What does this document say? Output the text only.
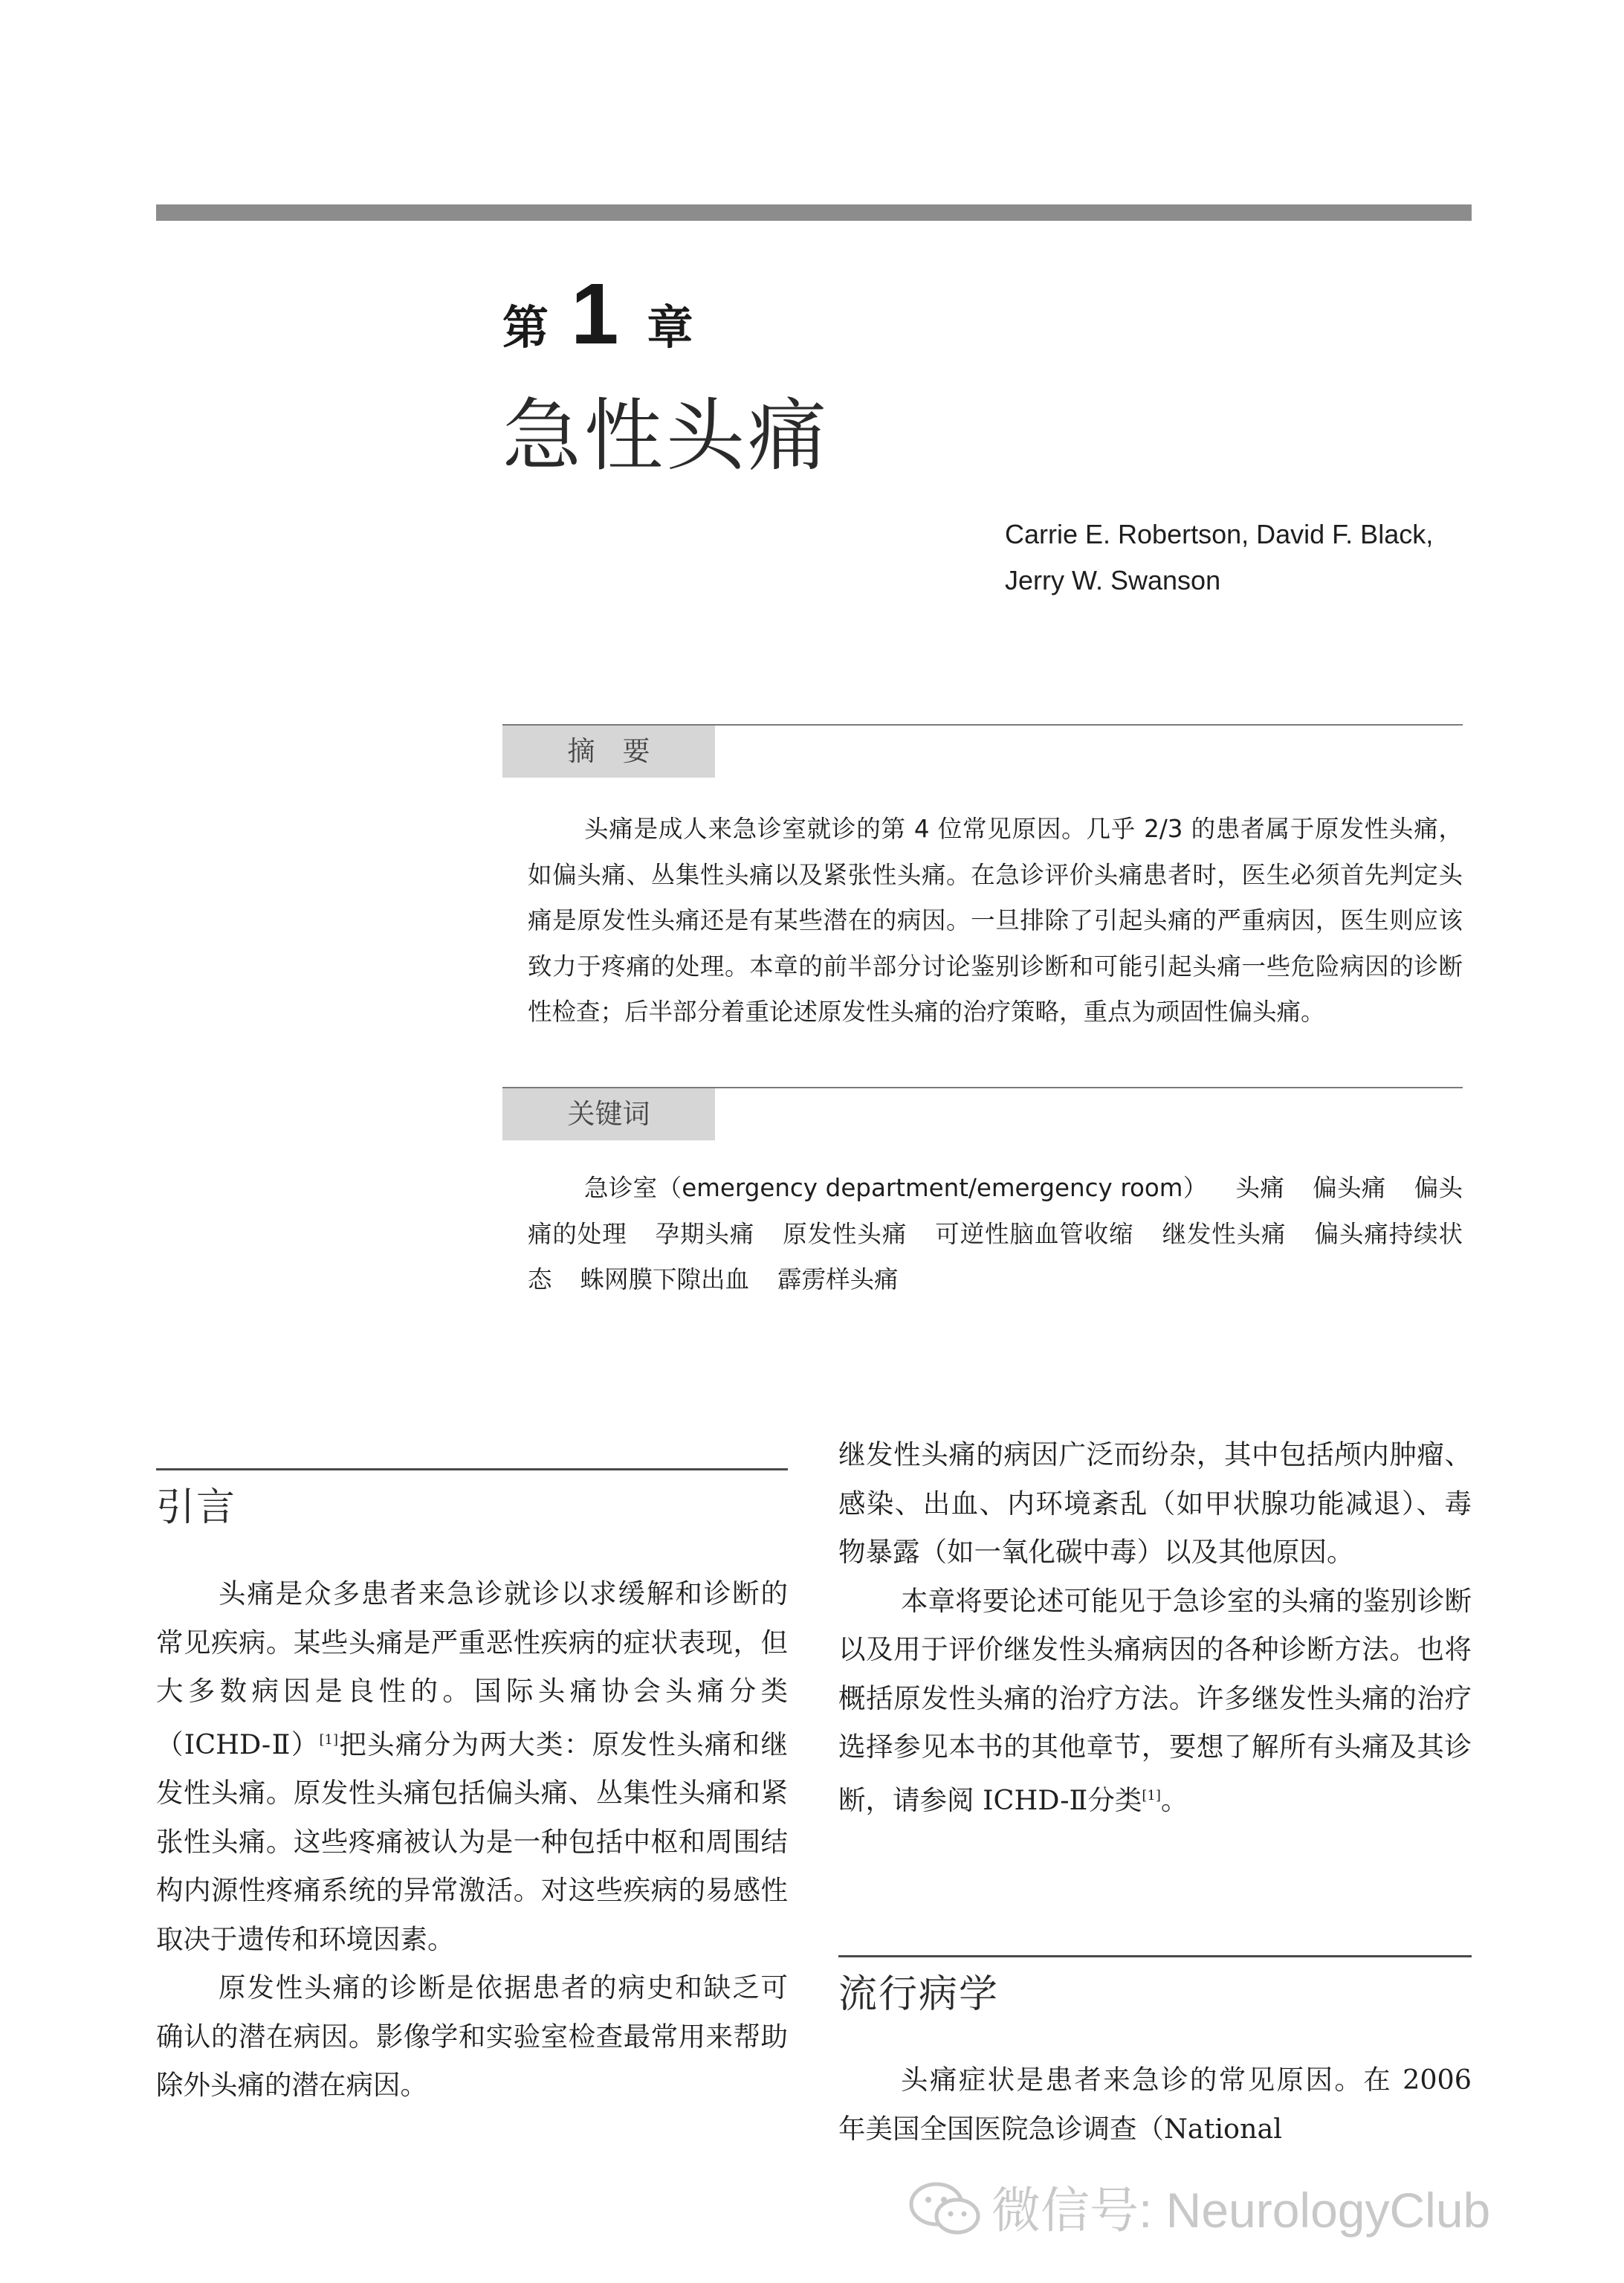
第 1 章
急性头痛
Carrie E. Robertson, David F. Black,
Jerry W. Swanson
摘　要

头痛是成人来急诊室就诊的第 4 位常见原因。几乎 2/3 的患者属于原发性头痛，如偏头痛、丛集性头痛以及紧张性头痛。在急诊评价头痛患者时，医生必须首先判定头痛是原发性头痛还是有某些潜在的病因。一旦排除了引起头痛的严重病因，医生则应该致力于疼痛的处理。本章的前半部分讨论鉴别诊断和可能引起头痛一些危险病因的诊断性检查；后半部分着重论述原发性头痛的治疗策略，重点为顽固性偏头痛。

关键词

急诊室（emergency department/emergency room） 头痛 偏头痛 偏头痛的处理 孕期头痛 原发性头痛 可逆性脑血管收缩 继发性头痛 偏头痛持续状态 蛛网膜下隙出血 霹雳样头痛

引言

头痛是众多患者来急诊就诊以求缓解和诊断的常见疾病。某些头痛是严重恶性疾病的症状表现，但大多数病因是良性的。国际头痛协会头痛分类（ICHD-Ⅱ）[1]把头痛分为两大类：原发性头痛和继发性头痛。原发性头痛包括偏头痛、丛集性头痛和紧张性头痛。这些疼痛被认为是一种包括中枢和周围结构内源性疼痛系统的异常激活。对这些疾病的易感性取决于遗传和环境因素。

原发性头痛的诊断是依据患者的病史和缺乏可确认的潜在病因。影像学和实验室检查最常用来帮助除外头痛的潜在病因。

继发性头痛的病因广泛而纷杂，其中包括颅内肿瘤、感染、出血、内环境紊乱（如甲状腺功能减退）、毒物暴露（如一氧化碳中毒）以及其他原因。

本章将要论述可能见于急诊室的头痛的鉴别诊断以及用于评价继发性头痛病因的各种诊断方法。也将概括原发性头痛的治疗方法。许多继发性头痛的治疗选择参见本书的其他章节，要想了解所有头痛及其诊断，请参阅 ICHD-Ⅱ分类[1]。

流行病学

头痛症状是患者来急诊的常见原因。在 2006 年美国全国医院急诊调查（National

微信号: NeurologyClub
